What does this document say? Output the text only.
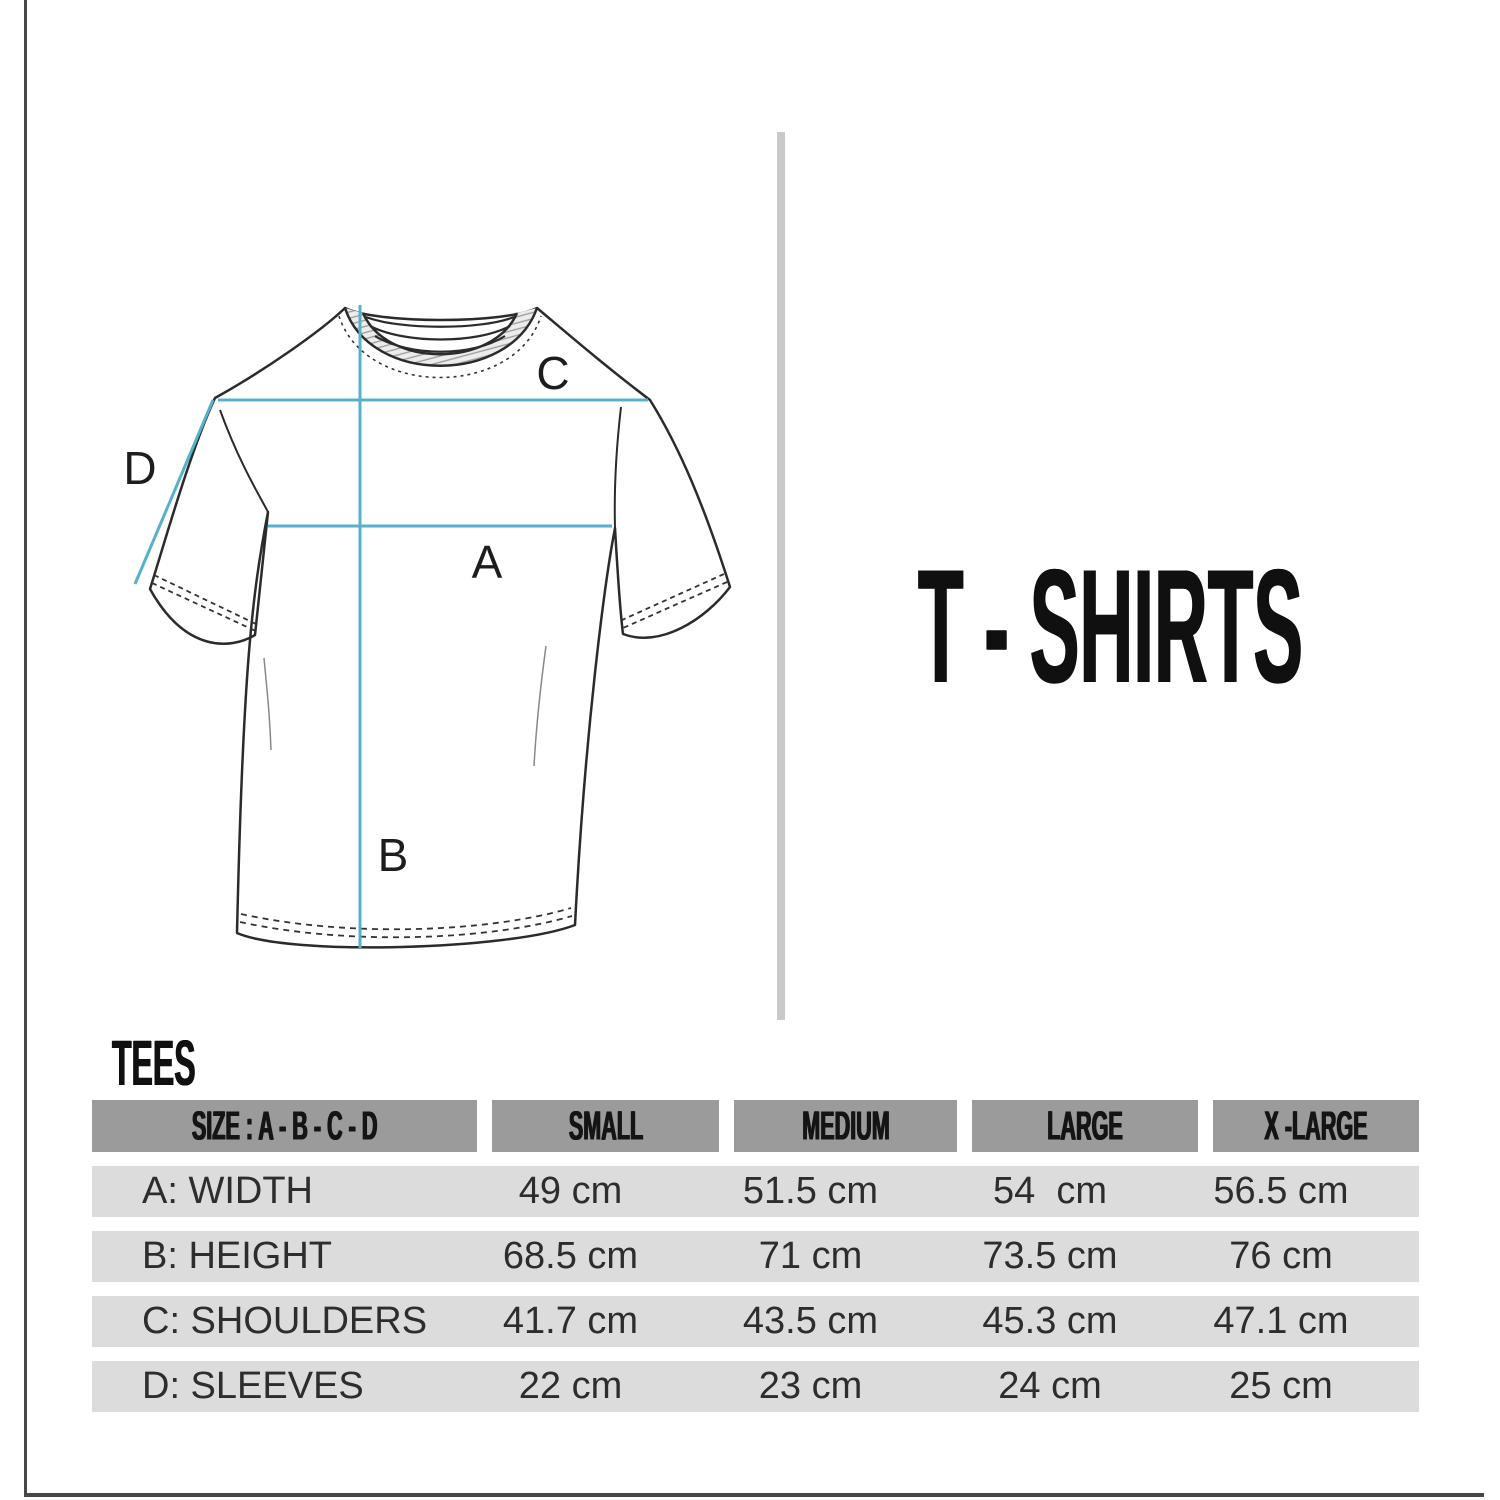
C
D
A
B
T - SHIRTS
TEES
SIZE : A - B - C - D	SMALL	MEDIUM	LARGE	X -LARGE
A: WIDTH	49 cm	51.5 cm	54  cm	56.5 cm
B: HEIGHT	68.5 cm	71 cm	73.5 cm	76 cm
C: SHOULDERS	41.7 cm	43.5 cm	45.3 cm	47.1 cm
D: SLEEVES	22 cm	23 cm	24 cm	25 cm
